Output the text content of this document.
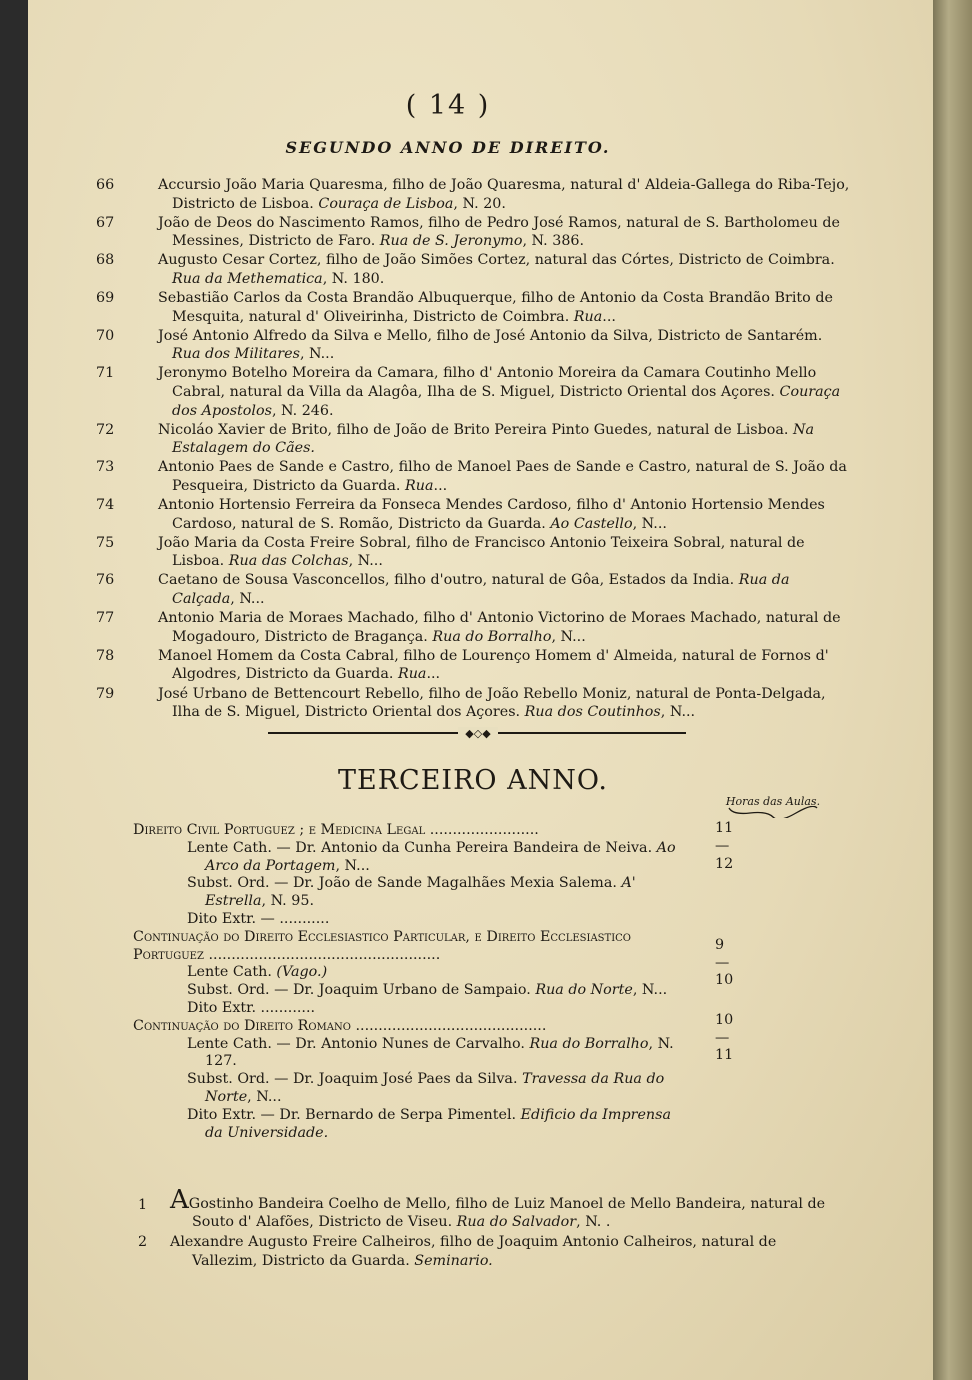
( 14 )
SEGUNDO ANNO DE DIREITO.
66	Accursio João Maria Quaresma, filho de João Quaresma, natural d' Aldeia-Gallega do Riba-Tejo, Districto de Lisboa. Couraça de Lisboa, N. 20.
67	João de Deos do Nascimento Ramos, filho de Pedro José Ramos, natural de S. Bartholomeu de Messines, Districto de Faro. Rua de S. Jeronymo, N. 386.
68	Augusto Cesar Cortez, filho de João Simões Cortez, natural das Córtes, Districto de Coimbra. Rua da Methematica, N. 180.
69	Sebastião Carlos da Costa Brandão Albuquerque, filho de Antonio da Costa Brandão Brito de Mesquita, natural d' Oliveirinha, Districto de Coimbra. Rua...
70	José Antonio Alfredo da Silva e Mello, filho de José Antonio da Silva, Districto de Santarém. Rua dos Militares, N...
71	Jeronymo Botelho Moreira da Camara, filho d' Antonio Moreira da Camara Coutinho Mello Cabral, natural da Villa da Alagôa, Ilha de S. Miguel, Districto Oriental dos Açores. Couraça dos Apostolos, N. 246.
72	Nicoláo Xavier de Brito, filho de João de Brito Pereira Pinto Guedes, natural de Lisboa. Na Estalagem do Cães.
73	Antonio Paes de Sande e Castro, filho de Manoel Paes de Sande e Castro, natural de S. João da Pesqueira, Districto da Guarda. Rua...
74	Antonio Hortensio Ferreira da Fonseca Mendes Cardoso, filho d' Antonio Hortensio Mendes Cardoso, natural de S. Romão, Districto da Guarda. Ao Castello, N...
75	João Maria da Costa Freire Sobral, filho de Francisco Antonio Teixeira Sobral, natural de Lisboa. Rua das Colchas, N...
76	Caetano de Sousa Vasconcellos, filho d'outro, natural de Gôa, Estados da India. Rua da Calçada, N...
77	Antonio Maria de Moraes Machado, filho d' Antonio Victorino de Moraes Machado, natural de Mogadouro, Districto de Bragança. Rua do Borralho, N...
78	Manoel Homem da Costa Cabral, filho de Lourenço Homem d' Almeida, natural de Fornos d' Algodres, Districto da Guarda. Rua...
79	José Urbano de Bettencourt Rebello, filho de João Rebello Moniz, natural de Ponta-Delgada, Ilha de S. Miguel, Districto Oriental dos Açores. Rua dos Coutinhos, N...
◆◇◆
TERCEIRO ANNO.
Horas das Aulas.
Direito Civil Portuguez ; e Medicina Legal ........................	11 — 12
Lente Cath. — Dr. Antonio da Cunha Pereira Bandeira de Neiva. Ao Arco da Portagem, N...
Subst. Ord. — Dr. João de Sande Magalhães Mexia Salema. A' Estrella, N. 95.
Dito Extr. — ...........
Continuação do Direito Ecclesiastico Particular, e Direito Ecclesiastico Portuguez ...................................................
9 — 10
Lente Cath. (Vago.)
Subst. Ord. — Dr. Joaquim Urbano de Sampaio. Rua do Norte, N...
Dito Extr. ............
Continuação do Direito Romano ..........................................	10 — 11
Lente Cath. — Dr. Antonio Nunes de Carvalho. Rua do Borralho, N. 127.
Subst. Ord. — Dr. Joaquim José Paes da Silva. Travessa da Rua do Norte, N...
Dito Extr. — Dr. Bernardo de Serpa Pimentel. Edificio da Imprensa da Universidade.
1 AGostinho Bandeira Coelho de Mello, filho de Luiz Manoel de Mello Bandeira, natural de Souto d' Alafões, Districto de Viseu. Rua do Salvador, N. .
2	Alexandre Augusto Freire Calheiros, filho de Joaquim Antonio Calheiros, natural de Vallezim, Districto da Guarda. Seminario.
